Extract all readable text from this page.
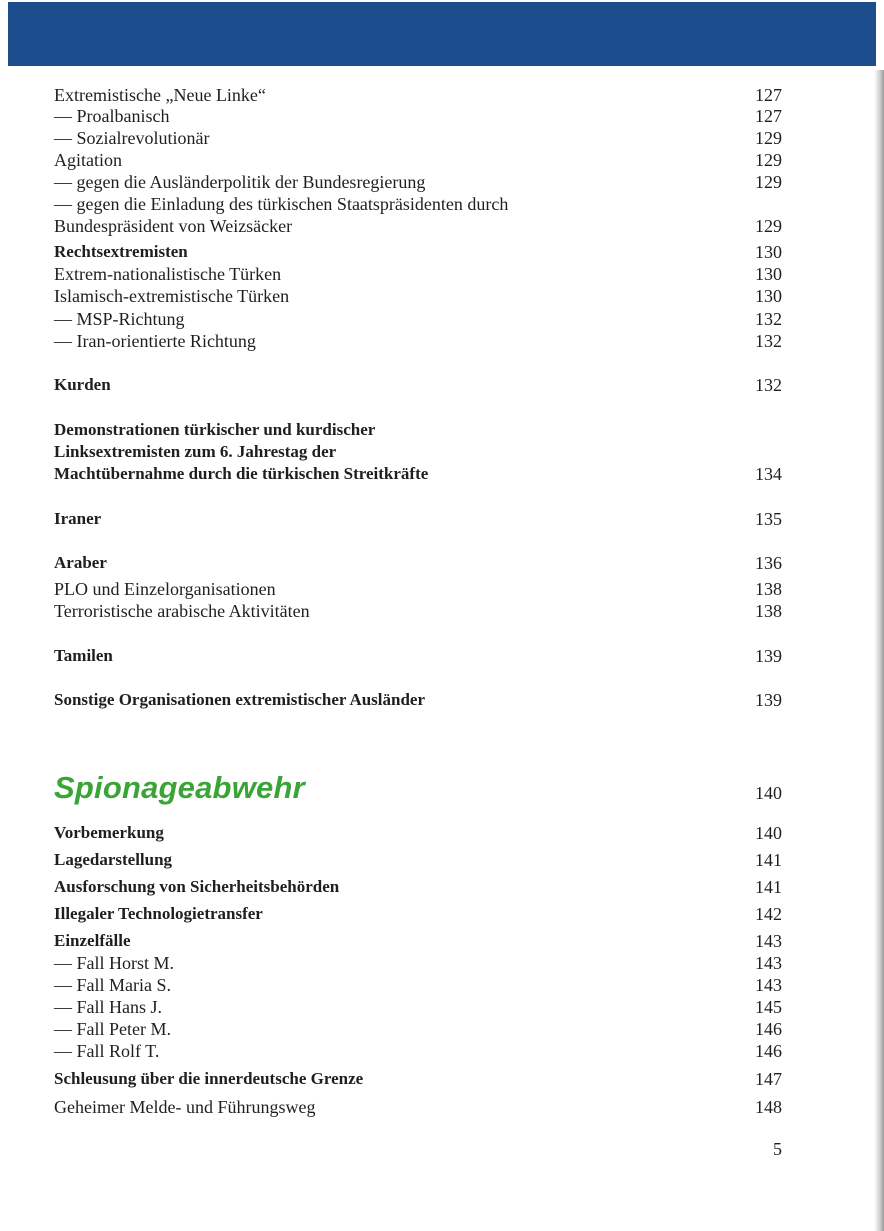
Extremistische „Neue Linke“	127
— Proalbanisch	127
— Sozialrevolutionär	129
Agitation	129
— gegen die Ausländerpolitik der Bundesregierung	129
— gegen die Einladung des türkischen Staatspräsidenten durch
Bundespräsident von Weizsäcker	129
Rechtsextremisten	130
Extrem-nationalistische Türken	130
Islamisch-extremistische Türken	130
— MSP-Richtung	132
— Iran-orientierte Richtung	132
Kurden	132
Demonstrationen türkischer und kurdischer
Linksextremisten zum 6. Jahrestag der
Machtübernahme durch die türkischen Streitkräfte	134
Iraner	135
Araber	136
PLO und Einzelorganisationen	138
Terroristische arabische Aktivitäten	138
Tamilen	139
Sonstige Organisationen extremistischer Ausländer	139
Spionageabwehr	140
Vorbemerkung	140
Lagedarstellung	141
Ausforschung von Sicherheitsbehörden	141
Illegaler Technologietransfer	142
Einzelfälle	143
— Fall Horst M.	143
— Fall Maria S.	143
— Fall Hans J.	145
— Fall Peter M.	146
— Fall Rolf T.	146
Schleusung über die innerdeutsche Grenze	147
Geheimer Melde- und Führungsweg	148
5
